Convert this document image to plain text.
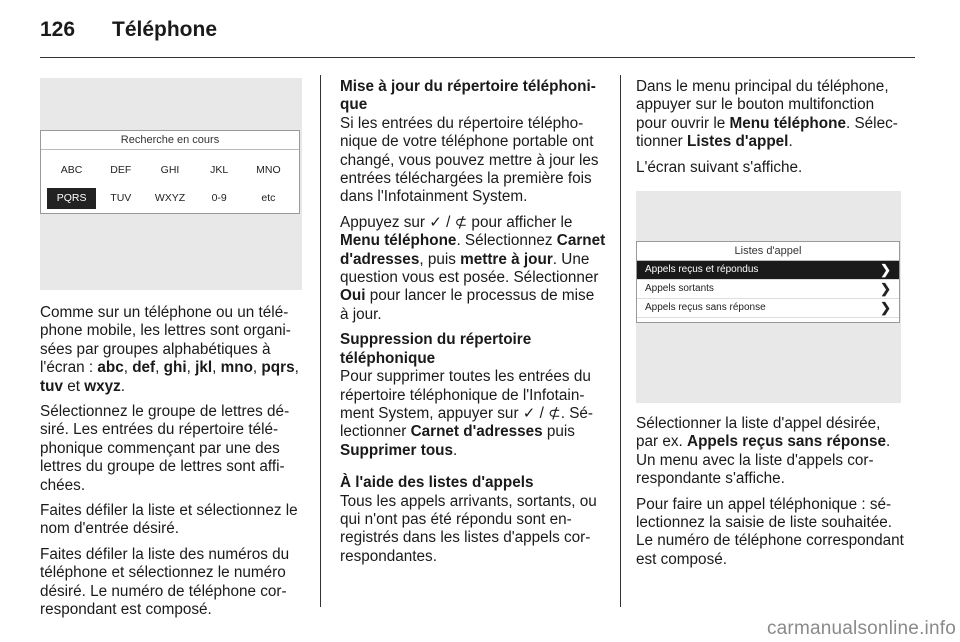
126 Téléphone
Recherche en cours
ABC	DEF	GHI	JKL	MNO
PQRS	TUV	WXYZ	0-9	etc

Comme sur un téléphone ou un téléphone mobile, les lettres sont organisées par groupes alphabétiques à l'écran : abc, def, ghi, jkl, mno, pqrs, tuv et wxyz.

Sélectionnez le groupe de lettres désiré. Les entrées du répertoire téléphonique commençant par une des lettres du groupe de lettres sont affichées.

Faites défiler la liste et sélectionnez le nom d'entrée désiré.

Faites défiler la liste des numéros du téléphone et sélectionnez le numéro désiré. Le numéro de téléphone correspondant est composé.

Mise à jour du répertoire téléphonique

Si les entrées du répertoire téléphonique de votre téléphone portable ont changé, vous pouvez mettre à jour les entrées téléchargées la première fois dans l'Infotainment System.

Appuyez sur ✓ / ⊄ pour afficher le Menu téléphone. Sélectionnez Carnet d'adresses, puis mettre à jour. Une question vous est posée. Sélectionner Oui pour lancer le processus de mise à jour.

Suppression du répertoire téléphonique

Pour supprimer toutes les entrées du répertoire téléphonique de l'Infotainment System, appuyer sur ✓ / ⊄. Sélectionner Carnet d'adresses puis Supprimer tous.

À l'aide des listes d'appels

Tous les appels arrivants, sortants, ou qui n'ont pas été répondu sont enregistrés dans les listes d'appels correspondantes.

Dans le menu principal du téléphone, appuyer sur le bouton multifonction pour ouvrir le Menu téléphone. Sélectionner Listes d'appel.

L'écran suivant s'affiche.

Listes d'appel
Appels reçus et répondus	❯
Appels sortants	❯
Appels reçus sans réponse	❯

Sélectionner la liste d'appel désirée, par ex. Appels reçus sans réponse. Un menu avec la liste d'appels correspondante s'affiche.

Pour faire un appel téléphonique : sélectionnez la saisie de liste souhaitée. Le numéro de téléphone correspondant est composé.

carmanualsonline.info
